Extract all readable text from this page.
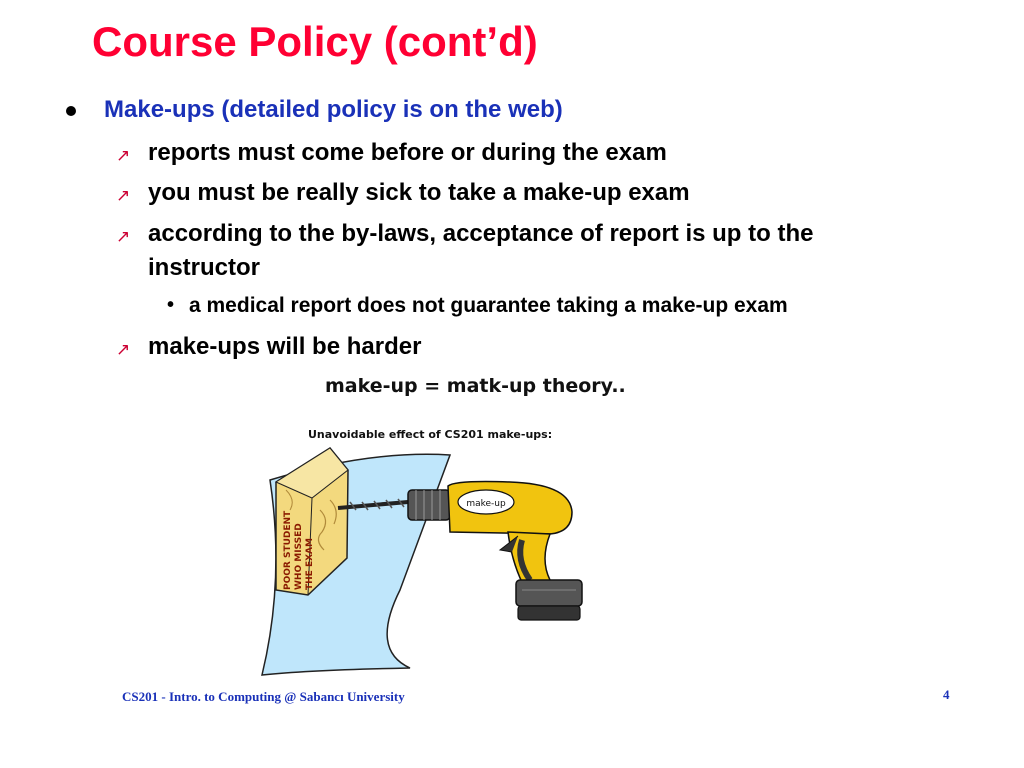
Course Policy (cont’d)
Make-ups (detailed policy is on the web)
↗ reports must come before or during the exam
↗ you must be really sick to take a make-up exam
↗ according to the by-laws, acceptance of report is up to the instructor
• a medical report does not guarantee taking a make-up exam
↗ make-ups will be harder
make-up = matk-up theory..
Unavoidable effect of CS201 make-ups:
POOR STUDENT WHO MISSED THE EXAM
make-up
CS201 - Intro. to Computing @ Sabancı University	4
